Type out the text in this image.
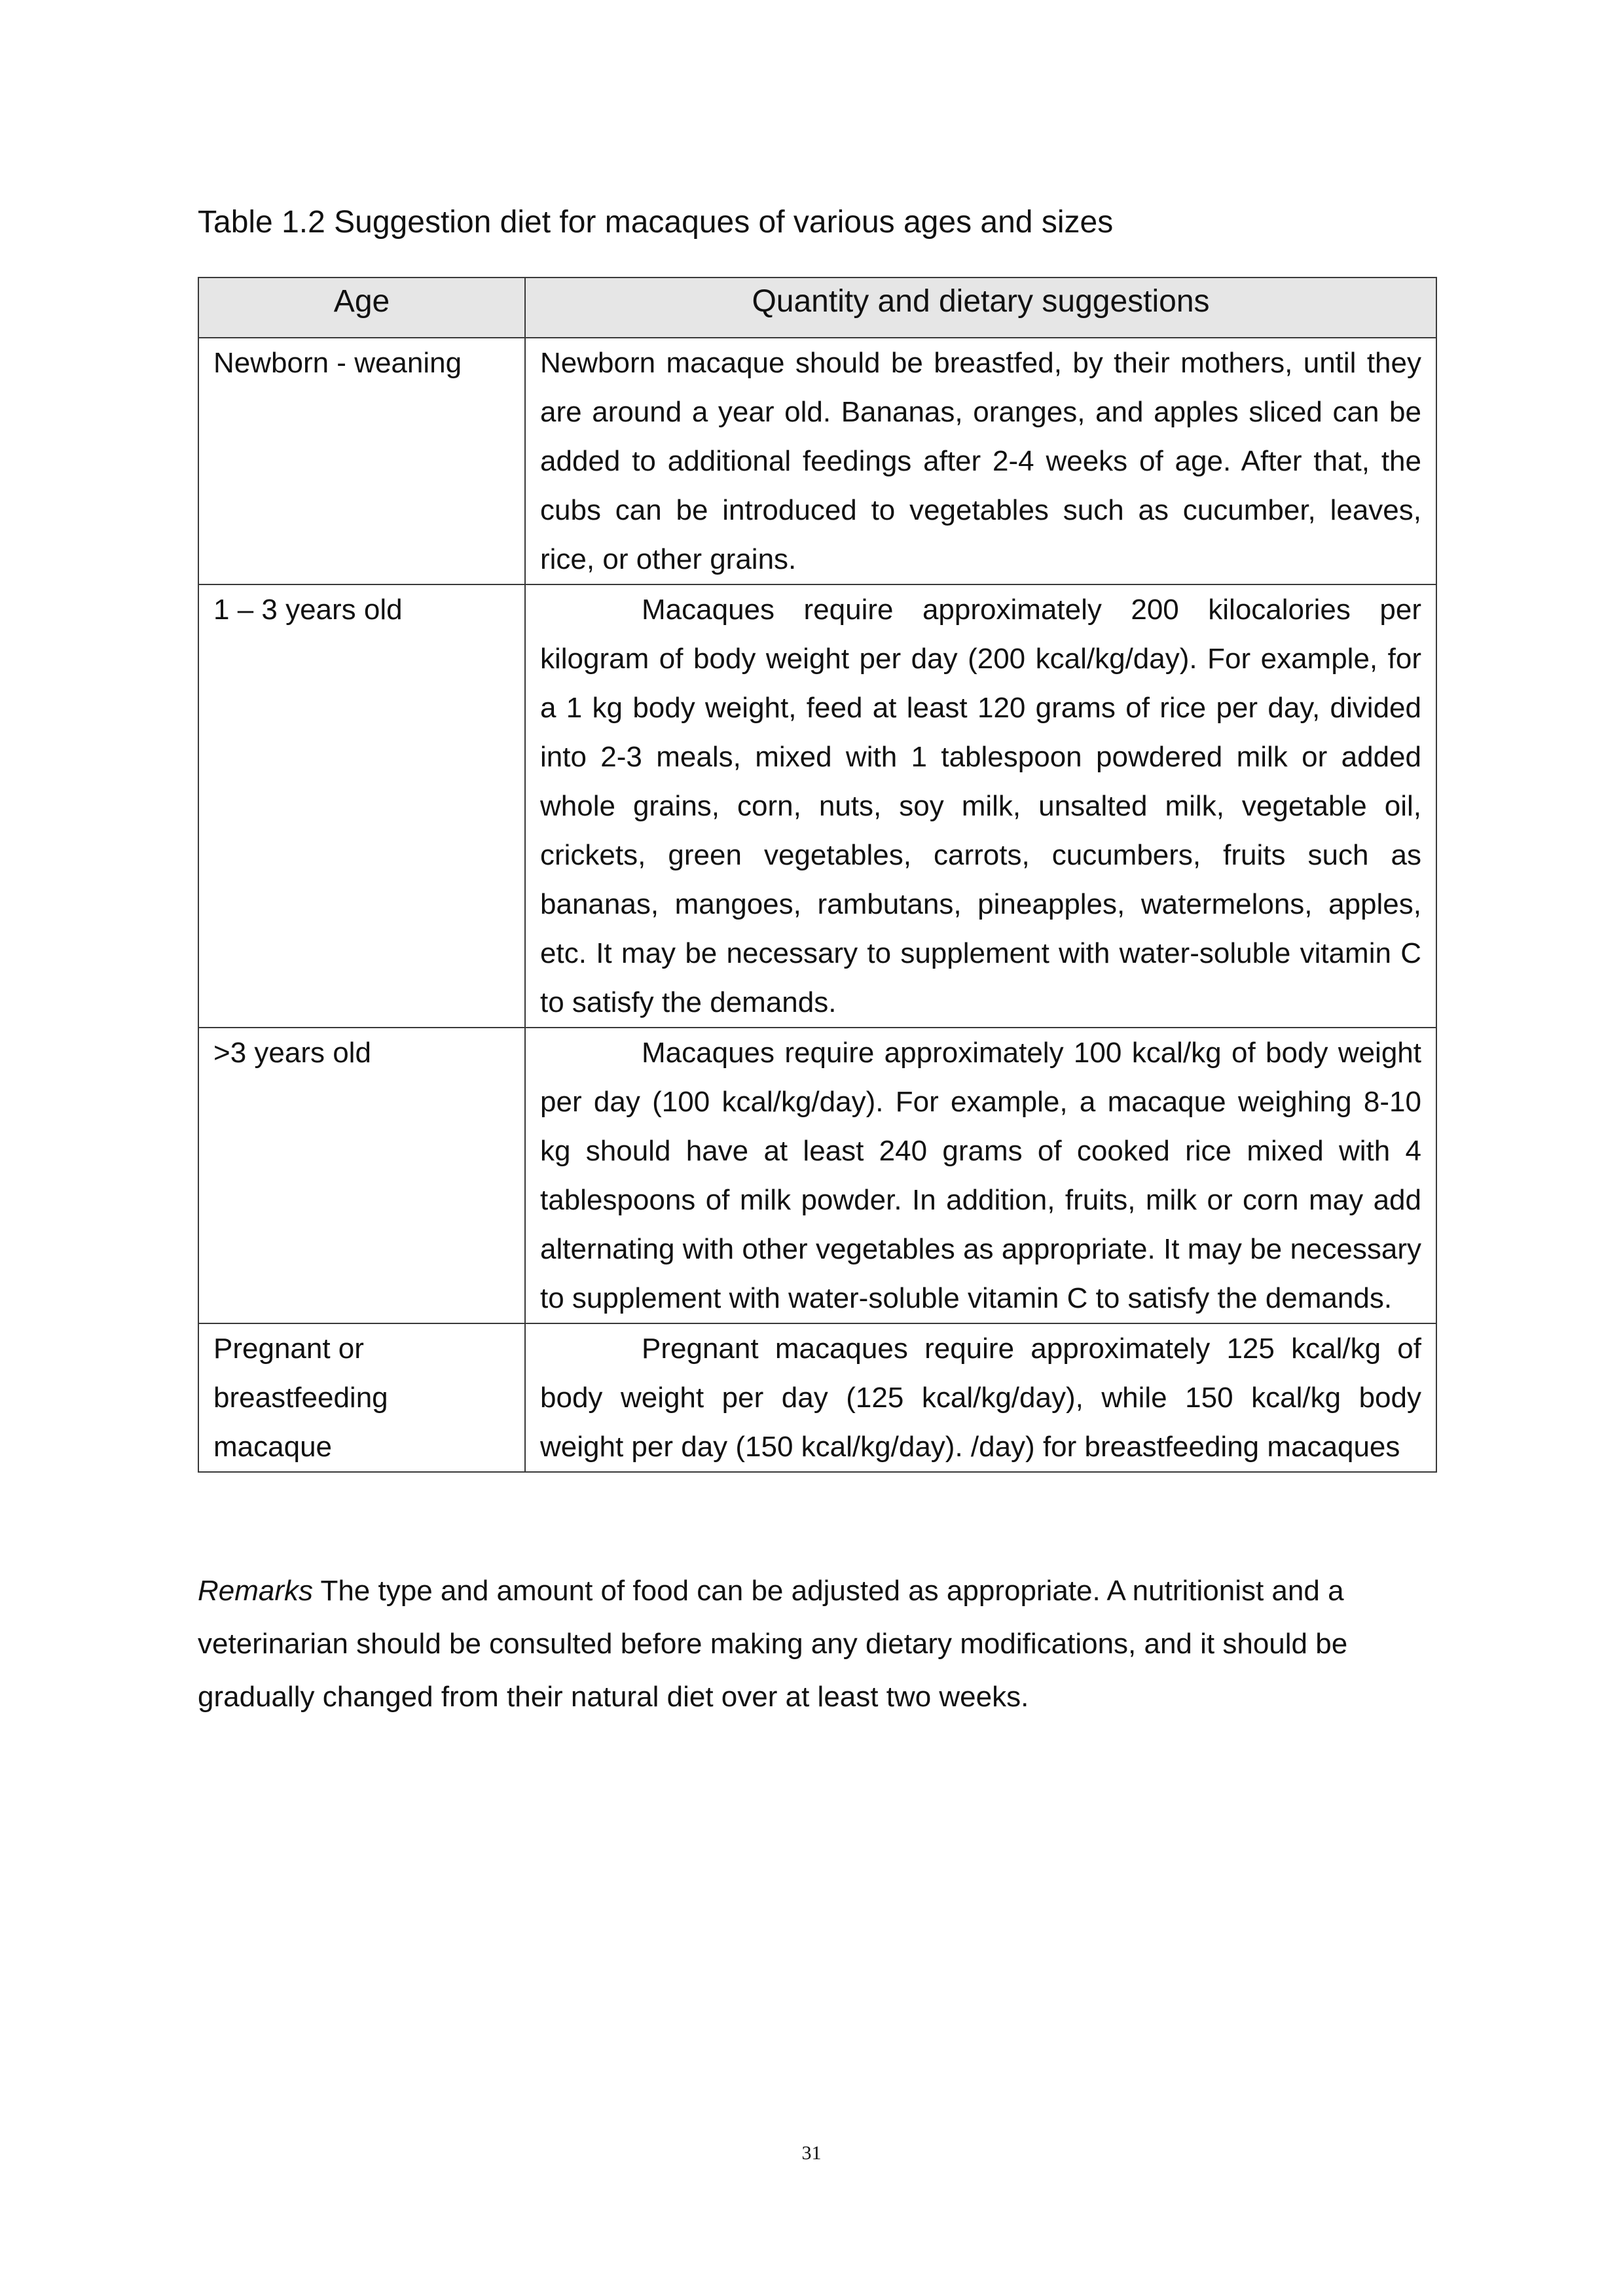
Table 1.2 Suggestion diet for macaques of various ages and sizes
Age	Quantity and dietary suggestions
Newborn - weaning	Newborn macaque should be breastfed, by their mothers, until they are around a year old. Bananas, oranges, and apples sliced can be added to additional feedings after 2-4 weeks of age. After that, the cubs can be introduced to vegetables such as cucumber, leaves, rice, or other grains.
1 – 3 years old	Macaques require approximately 200 kilocalories per kilogram of body weight per day (200 kcal/kg/day). For example, for a 1 kg body weight, feed at least 120 grams of rice per day, divided into 2-3 meals, mixed with 1 tablespoon powdered milk or added whole grains, corn, nuts, soy milk, unsalted milk, vegetable oil, crickets, green vegetables, carrots, cucumbers, fruits such as bananas, mangoes, rambutans, pineapples, watermelons, apples, etc. It may be necessary to supplement with water-soluble vitamin C to satisfy the demands.

>3 years old	Macaques require approximately 100 kcal/kg of body weight per day (100 kcal/kg/day). For example, a macaque weighing 8-10 kg should have at least 240 grams of cooked rice mixed with 4 tablespoons of milk powder. In addition, fruits, milk or corn may add alternating with other vegetables as appropriate. It may be necessary to supplement with water-soluble vitamin C to satisfy the demands.

Pregnant or breastfeeding macaque	Pregnant macaques require approximately 125 kcal/kg of body weight per day (125 kcal/kg/day), while 150 kcal/kg body weight per day (150 kcal/kg/day). /day) for breastfeeding macaques
Remarks The type and amount of food can be adjusted as appropriate. A nutritionist and a veterinarian should be consulted before making any dietary modifications, and it should be gradually changed from their natural diet over at least two weeks.
31
